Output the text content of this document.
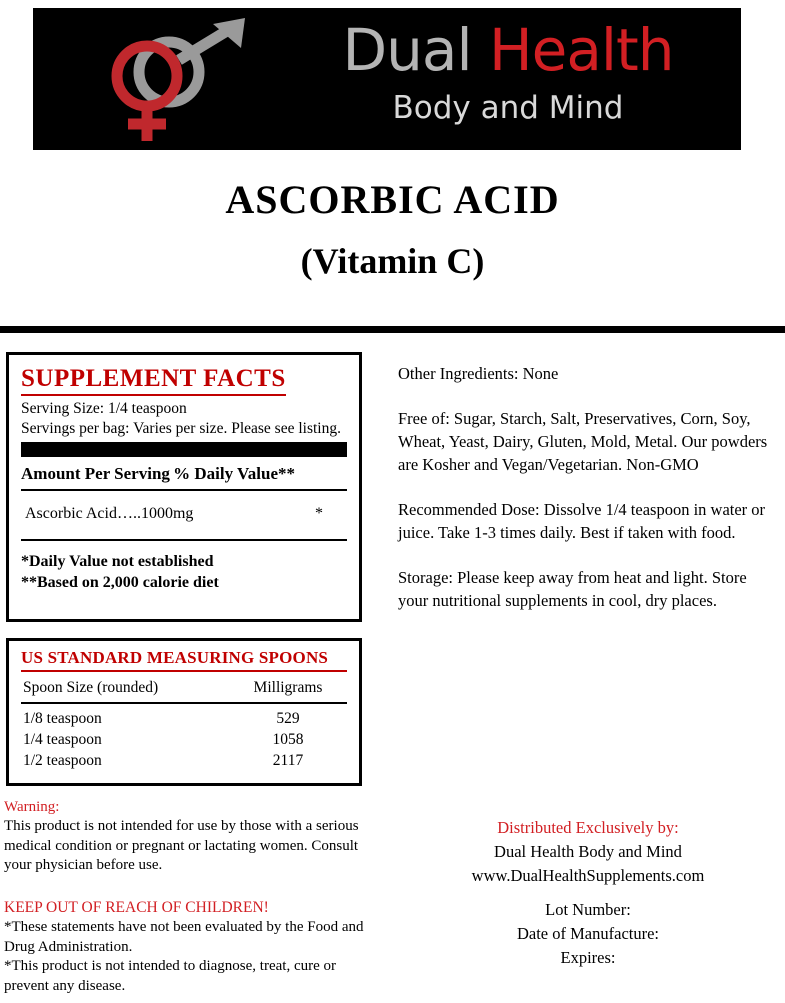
Dual Health
Body and Mind
ASCORBIC ACID
(Vitamin C)
SUPPLEMENT FACTS
Serving Size: 1/4 teaspoon
Servings per bag: Varies per size. Please see listing.
Amount Per Serving % Daily Value**
Ascorbic Acid…..1000mg	*
*Daily Value not established
**Based on 2,000 calorie diet
US STANDARD MEASURING SPOONS
Spoon Size (rounded)	Milligrams
1/8 teaspoon	529
1/4 teaspoon	1058
1/2 teaspoon	2117
Warning:
This product is not intended for use by those with a serious medical condition or pregnant or lactating women. Consult your physician before use.
KEEP OUT OF REACH OF CHILDREN!
*These statements have not been evaluated by the Food and Drug Administration.
*This product is not intended to diagnose, treat, cure or prevent any disease.

Other Ingredients: None

Free of: Sugar, Starch, Salt, Preservatives, Corn, Soy, Wheat, Yeast, Dairy, Gluten, Mold, Metal. Our powders are Kosher and Vegan/Vegetarian. Non-GMO

Recommended Dose: Dissolve 1/4 teaspoon in water or juice. Take 1-3 times daily. Best if taken with food.

Storage: Please keep away from heat and light. Store your nutritional supplements in cool, dry places.

Distributed Exclusively by:
Dual Health Body and Mind
www.DualHealthSupplements.com
Lot Number:
Date of Manufacture:
Expires:
